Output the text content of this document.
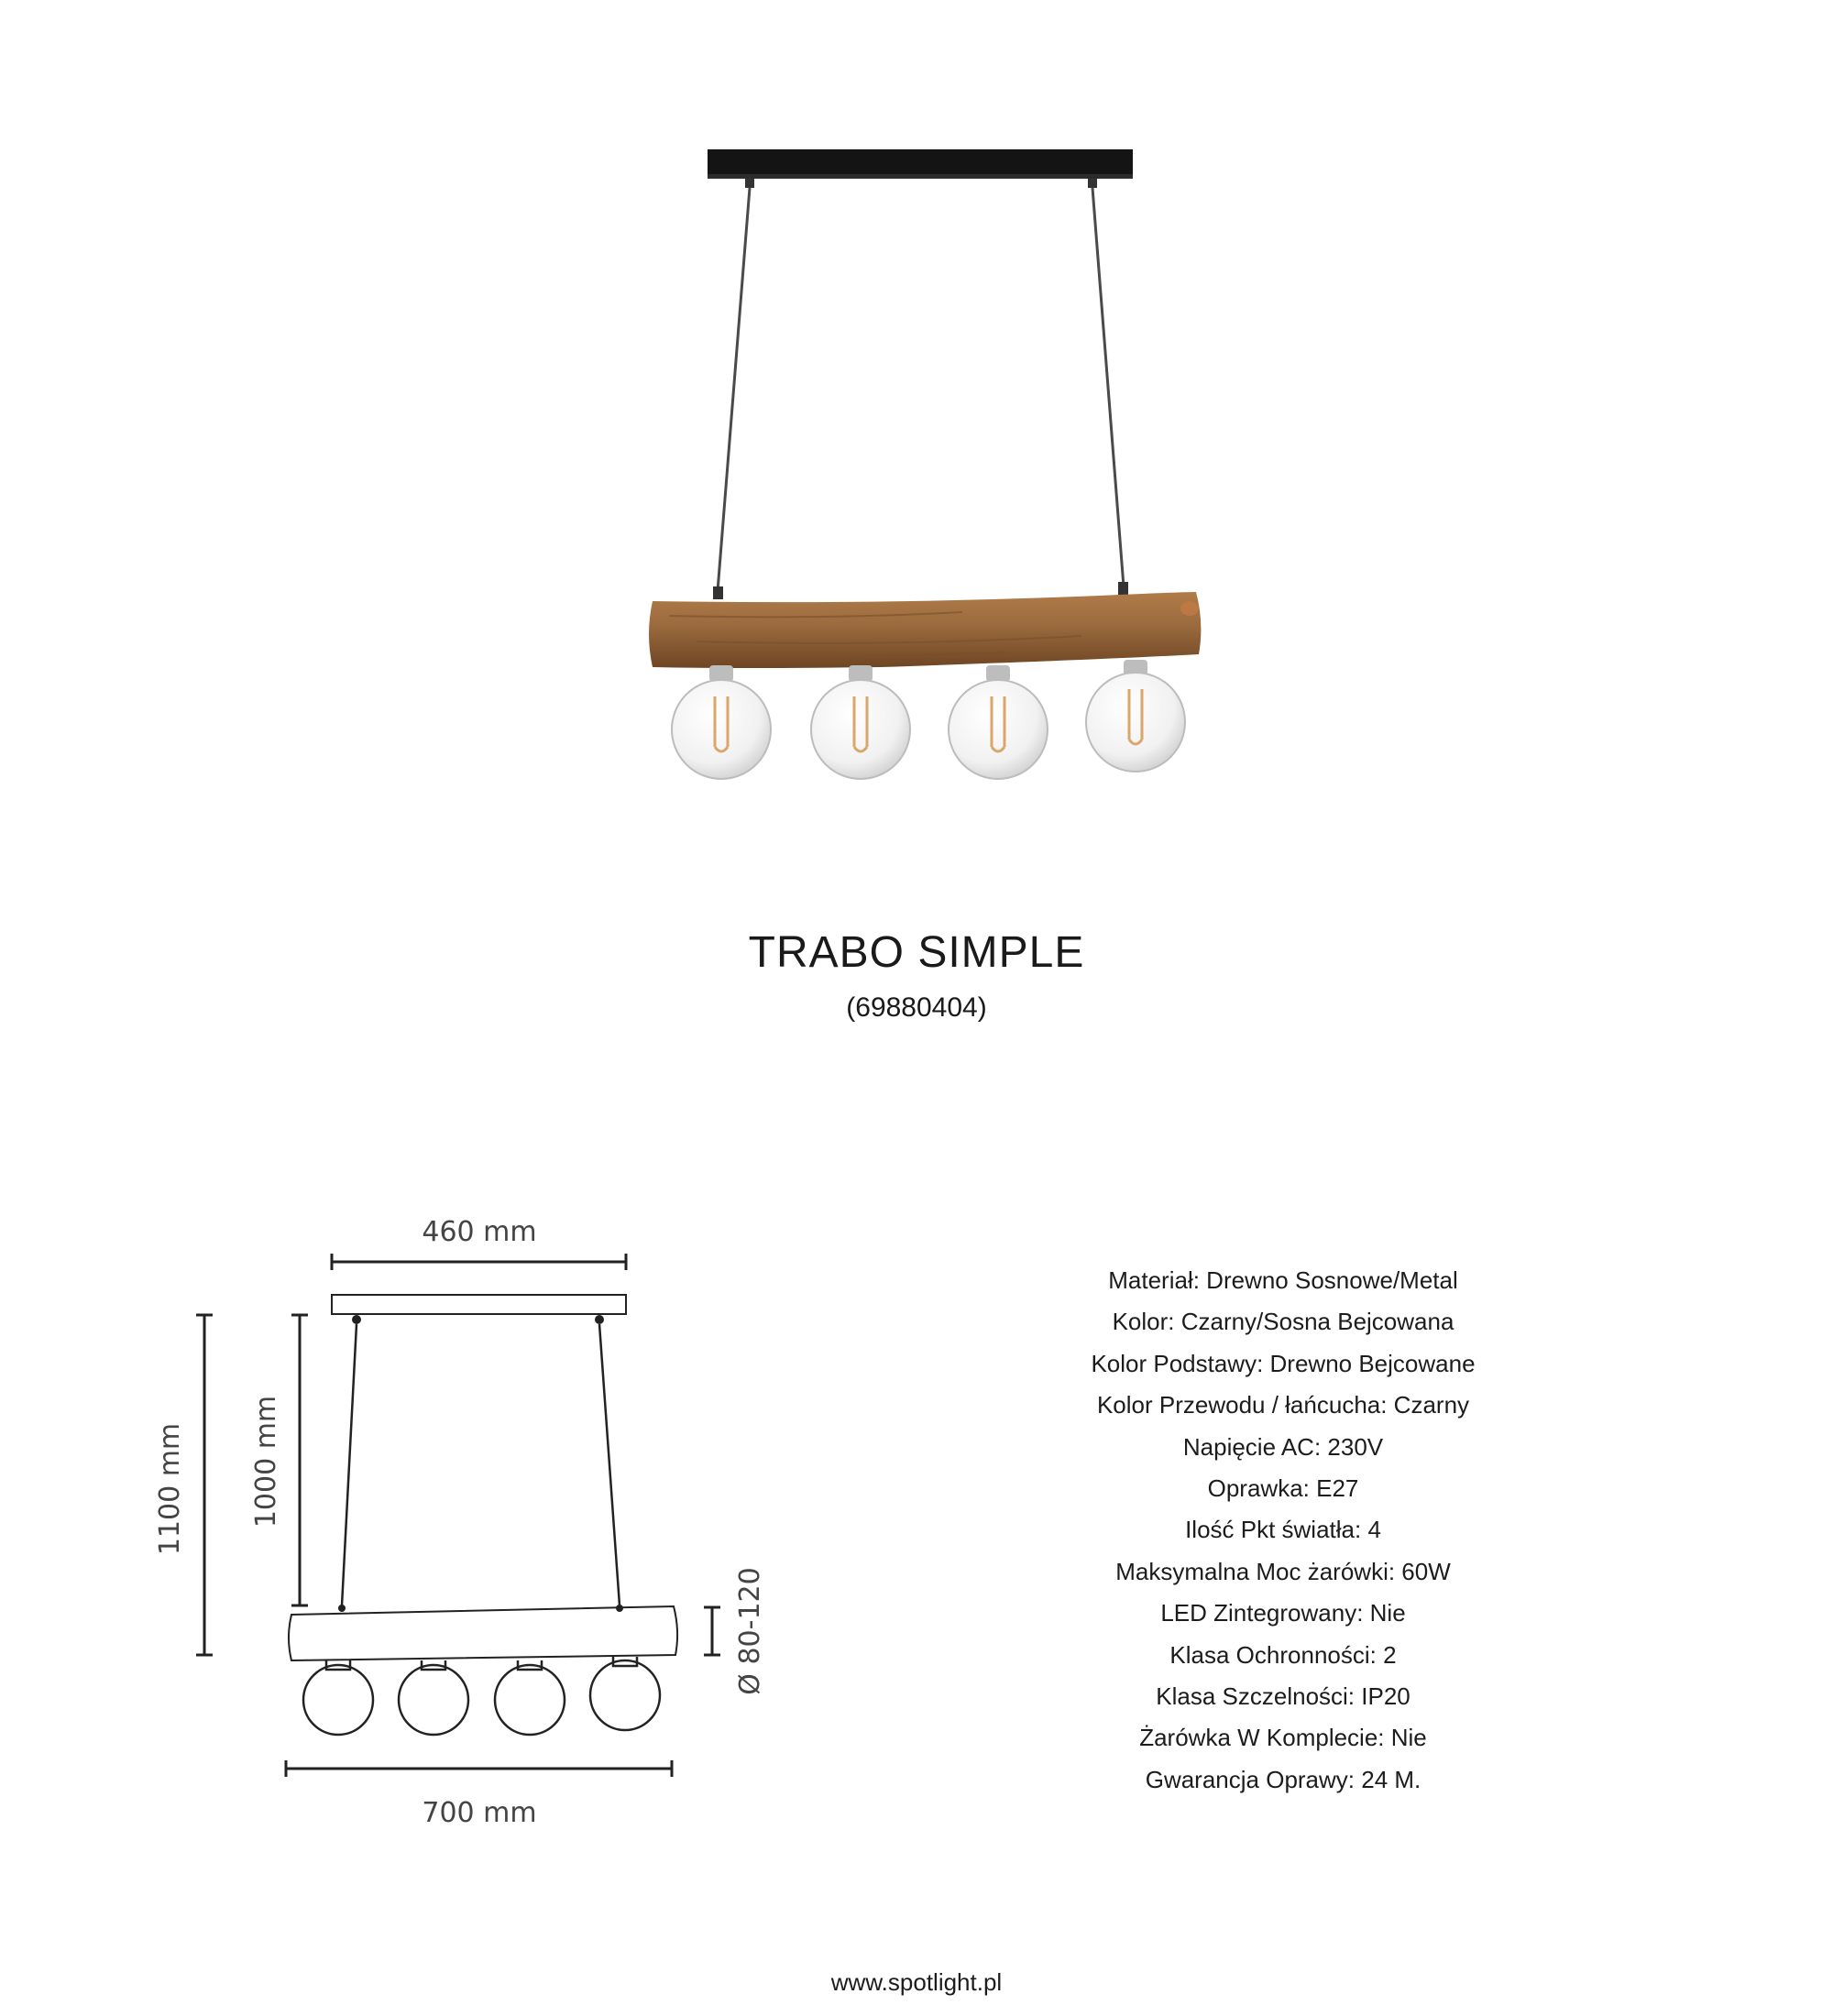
TRABO SIMPLE
(69880404)
460 mm
1100 mm 1000 mm
Ø 80-120
700 mm
Materiał: Drewno Sosnowe/Metal
Kolor: Czarny/Sosna Bejcowana
Kolor Podstawy: Drewno Bejcowane
Kolor Przewodu / łańcucha: Czarny
Napięcie AC: 230V
Oprawka: E27
Ilość Pkt światła: 4
Maksymalna Moc żarówki: 60W
LED Zintegrowany: Nie
Klasa Ochronności: 2
Klasa Szczelności: IP20
Żarówka W Komplecie: Nie
Gwarancja Oprawy: 24 M.
www.spotlight.pl
